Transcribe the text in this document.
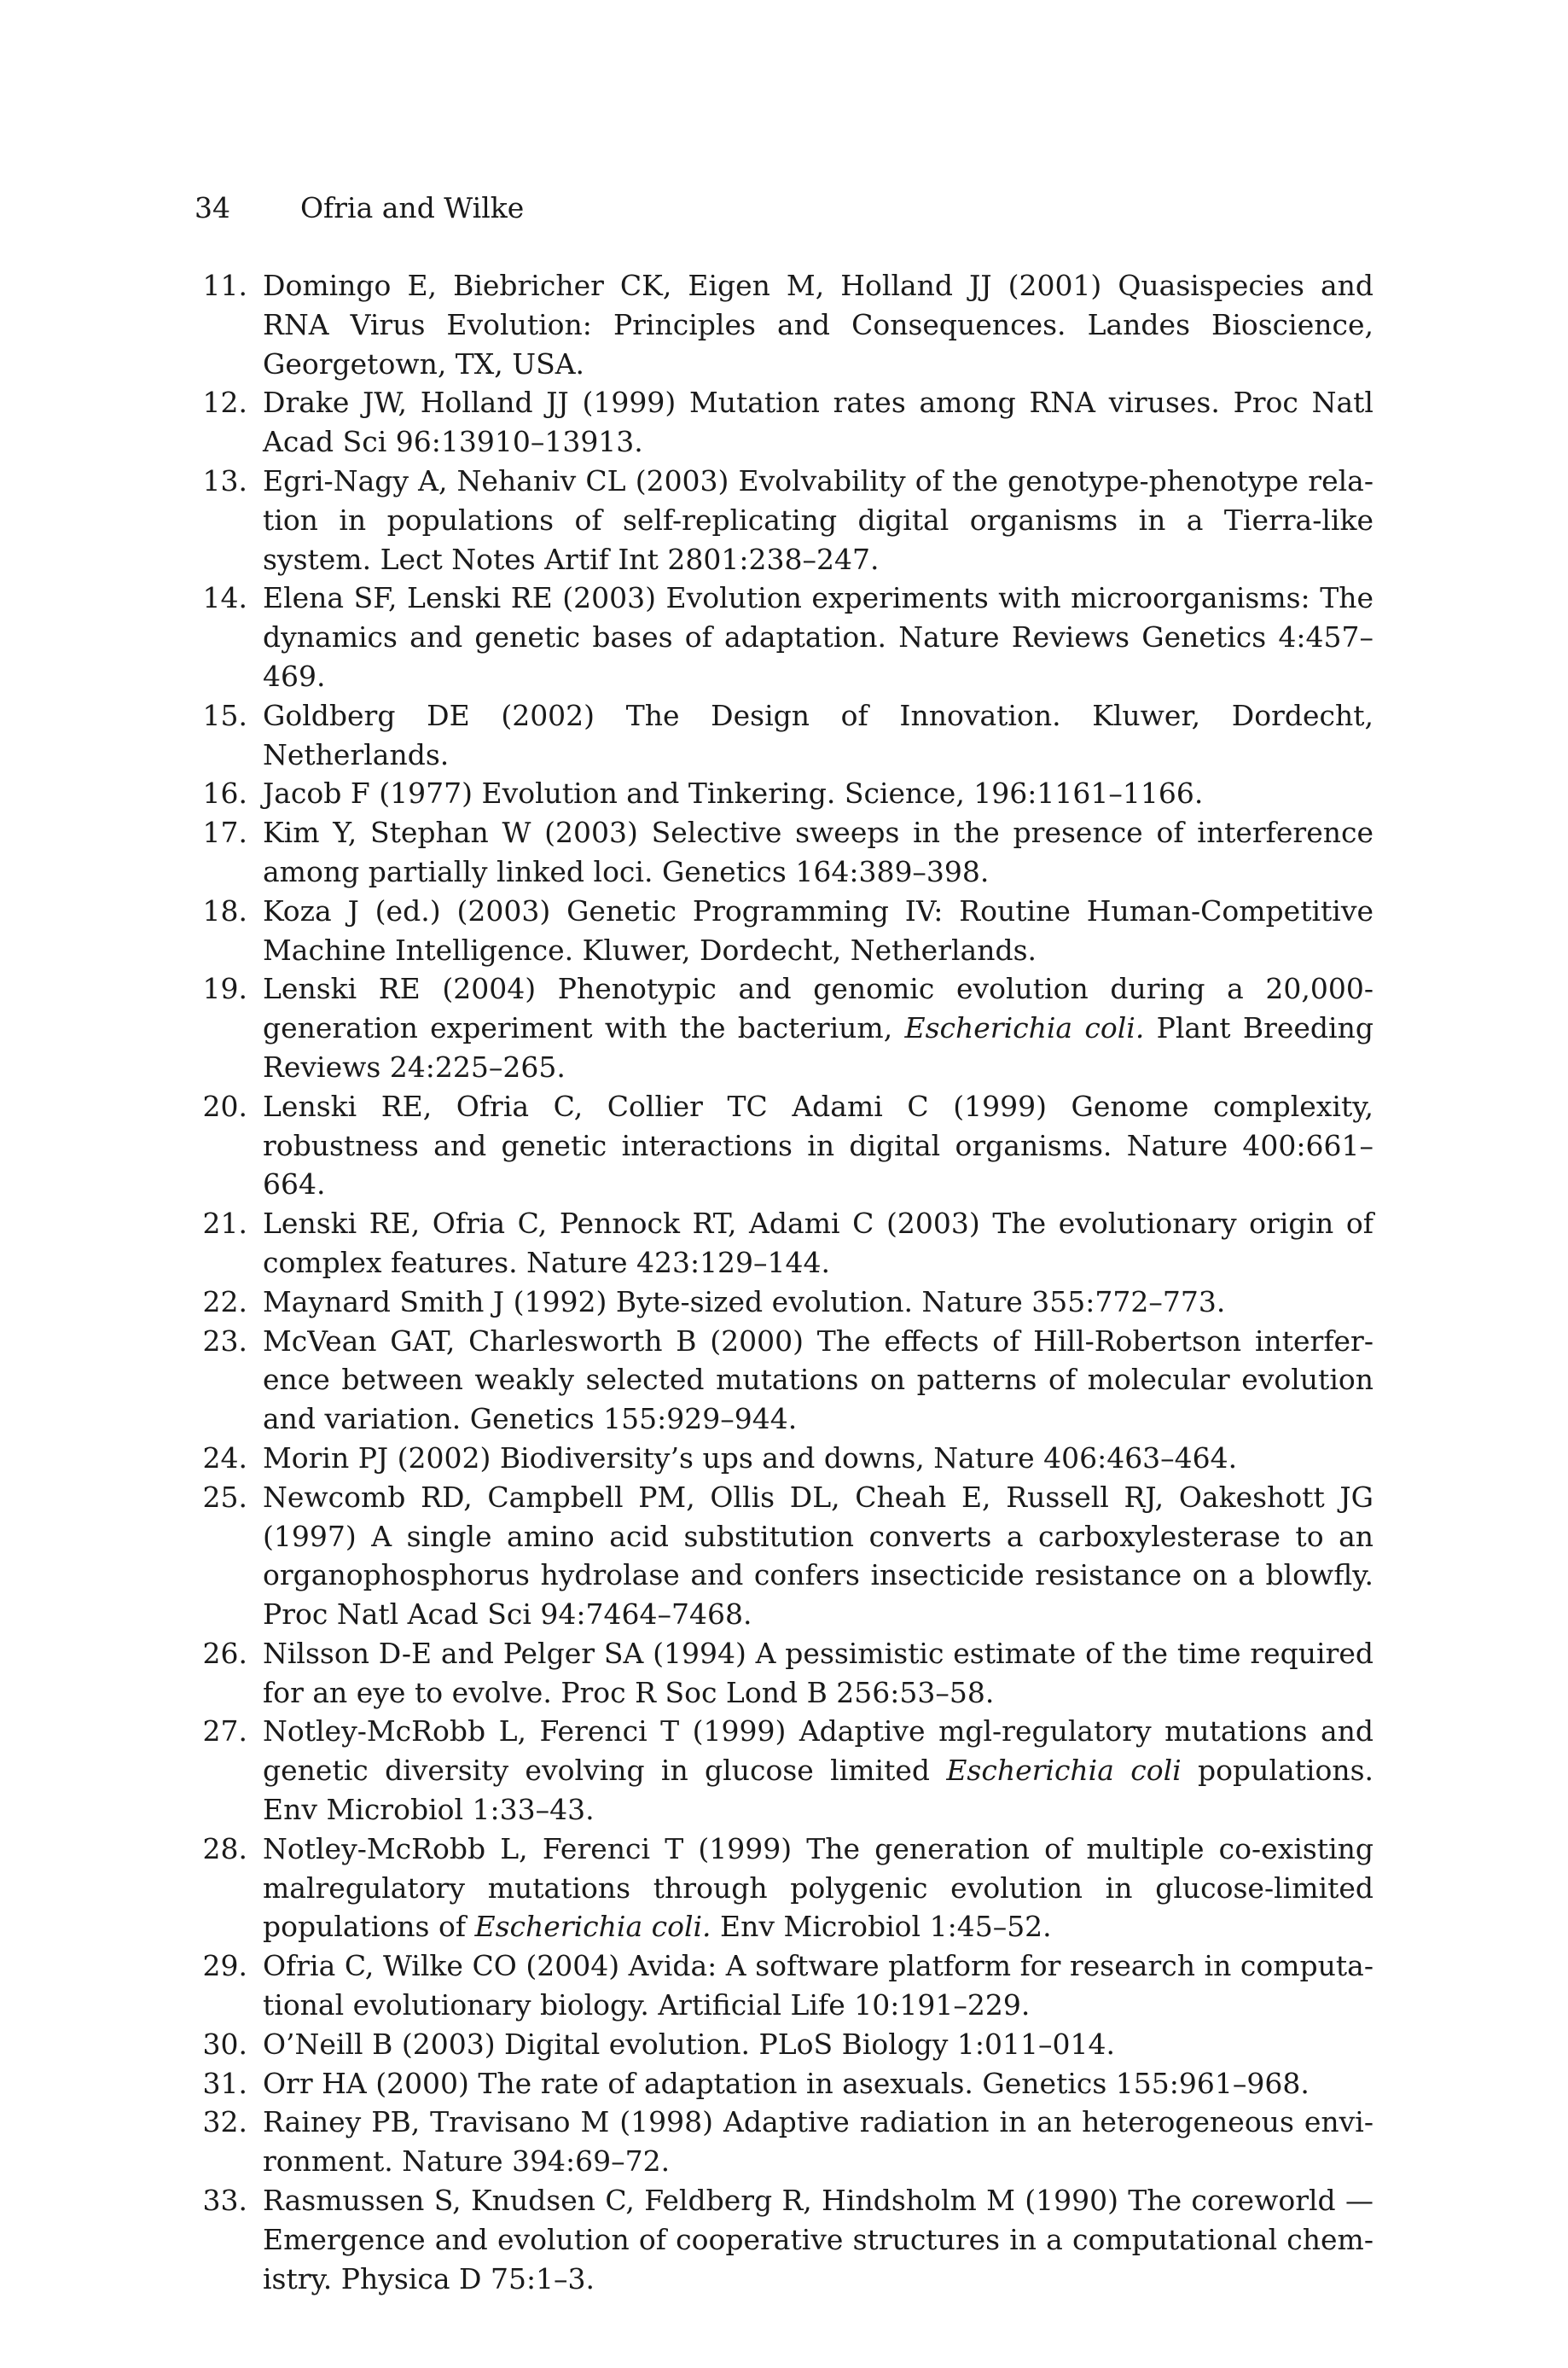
34 Ofria and Wilke
11. Domingo E, Biebricher CK, Eigen M, Holland JJ (2001) Quasispecies and RNA Virus Evolution: Principles and Consequences. Landes Bioscience, Georgetown, TX, USA.
12. Drake JW, Holland JJ (1999) Mutation rates among RNA viruses. Proc Natl Acad Sci 96:13910–13913.
13. Egri-Nagy A, Nehaniv CL (2003) Evolvability of the genotype-phenotype relation in populations of self-replicating digital organisms in a Tierra-like system. Lect Notes Artif Int 2801:238–247.
14. Elena SF, Lenski RE (2003) Evolution experiments with microorganisms: The dynamics and genetic bases of adaptation. Nature Reviews Genetics 4:457–469.
15. Goldberg DE (2002) The Design of Innovation. Kluwer, Dordecht, Netherlands.
16. Jacob F (1977) Evolution and Tinkering. Science, 196:1161–1166.
17. Kim Y, Stephan W (2003) Selective sweeps in the presence of interference among partially linked loci. Genetics 164:389–398.
18. Koza J (ed.) (2003) Genetic Programming IV: Routine Human-Competitive Machine Intelligence. Kluwer, Dordecht, Netherlands.
19. Lenski RE (2004) Phenotypic and genomic evolution during a 20,000-generation experiment with the bacterium, Escherichia coli. Plant Breeding Reviews 24:225–265.
20. Lenski RE, Ofria C, Collier TC Adami C (1999) Genome complexity, robustness and genetic interactions in digital organisms. Nature 400:661–664.
21. Lenski RE, Ofria C, Pennock RT, Adami C (2003) The evolutionary origin of complex features. Nature 423:129–144.
22. Maynard Smith J (1992) Byte-sized evolution. Nature 355:772–773.
23. McVean GAT, Charlesworth B (2000) The effects of Hill-Robertson interference between weakly selected mutations on patterns of molecular evolution and variation. Genetics 155:929–944.
24. Morin PJ (2002) Biodiversity’s ups and downs, Nature 406:463–464.
25. Newcomb RD, Campbell PM, Ollis DL, Cheah E, Russell RJ, Oakeshott JG (1997) A single amino acid substitution converts a carboxylesterase to an organophosphorus hydrolase and confers insecticide resistance on a blowfly. Proc Natl Acad Sci 94:7464–7468.
26. Nilsson D-E and Pelger SA (1994) A pessimistic estimate of the time required for an eye to evolve. Proc R Soc Lond B 256:53–58.
27. Notley-McRobb L, Ferenci T (1999) Adaptive mgl-regulatory mutations and genetic diversity evolving in glucose limited Escherichia coli populations. Env Microbiol 1:33–43.
28. Notley-McRobb L, Ferenci T (1999) The generation of multiple co-existing malregulatory mutations through polygenic evolution in glucose-limited populations of Escherichia coli. Env Microbiol 1:45–52.
29. Ofria C, Wilke CO (2004) Avida: A software platform for research in computational evolutionary biology. Artificial Life 10:191–229.
30. O’Neill B (2003) Digital evolution. PLoS Biology 1:011–014.
31. Orr HA (2000) The rate of adaptation in asexuals. Genetics 155:961–968.
32. Rainey PB, Travisano M (1998) Adaptive radiation in an heterogeneous environment. Nature 394:69–72.
33. Rasmussen S, Knudsen C, Feldberg R, Hindsholm M (1990) The coreworld — Emergence and evolution of cooperative structures in a computational chemistry. Physica D 75:1–3.
